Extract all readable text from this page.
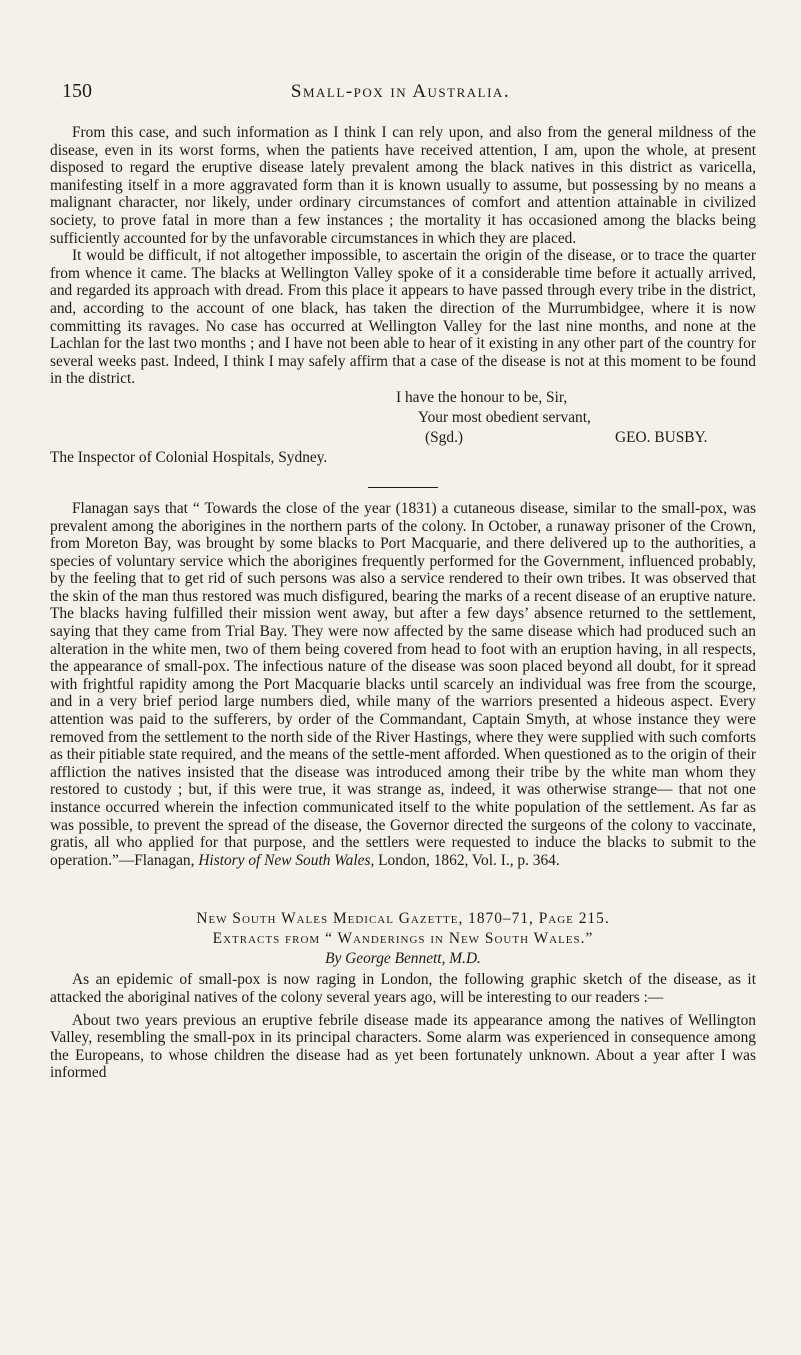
150	Small-pox in Australia.

From this case, and such information as I think I can rely upon, and also from the general mildness of the disease, even in its worst forms, when the patients have received attention, I am, upon the whole, at present disposed to regard the eruptive disease lately prevalent among the black natives in this district as varicella, manifesting itself in a more aggravated form than it is known usually to assume, but possessing by no means a malignant character, nor likely, under ordinary circumstances of comfort and attention attainable in civilized society, to prove fatal in more than a few instances ; the mortality it has occasioned among the blacks being sufficiently accounted for by the unfavorable circumstances in which they are placed.

It would be difficult, if not altogether impossible, to ascertain the origin of the disease, or to trace the quarter from whence it came. The blacks at Wellington Valley spoke of it a considerable time before it actually arrived, and regarded its approach with dread. From this place it appears to have passed through every tribe in the district, and, according to the account of one black, has taken the direction of the Murrumbidgee, where it is now committing its ravages. No case has occurred at Wellington Valley for the last nine months, and none at the Lachlan for the last two months ; and I have not been able to hear of it existing in any other part of the country for several weeks past. Indeed, I think I may safely affirm that a case of the disease is not at this moment to be found in the district.

I have the honour to be, Sir,
Your most obedient servant,
(Sgd.)	GEO. BUSBY.
The Inspector of Colonial Hospitals, Sydney.

Flanagan says that “ Towards the close of the year (1831) a cutaneous disease, similar to the small-pox, was prevalent among the aborigines in the northern parts of the colony. In October, a runaway prisoner of the Crown, from Moreton Bay, was brought by some blacks to Port Macquarie, and there delivered up to the authorities, a species of voluntary service which the aborigines frequently performed for the Government, influenced probably, by the feeling that to get rid of such persons was also a service rendered to their own tribes. It was observed that the skin of the man thus restored was much disfigured, bearing the marks of a recent disease of an eruptive nature. The blacks having fulfilled their mission went away, but after a few days’ absence returned to the settlement, saying that they came from Trial Bay. They were now affected by the same disease which had produced such an alteration in the white men, two of them being covered from head to foot with an eruption having, in all respects, the appearance of small-pox. The infectious nature of the disease was soon placed beyond all doubt, for it spread with frightful rapidity among the Port Macquarie blacks until scarcely an individual was free from the scourge, and in a very brief period large numbers died, while many of the warriors presented a hideous aspect. Every attention was paid to the sufferers, by order of the Commandant, Captain Smyth, at whose instance they were removed from the settlement to the north side of the River Hastings, where they were supplied with such comforts as their pitiable state required, and the means of the settle-ment afforded. When questioned as to the origin of their affliction the natives insisted that the disease was introduced among their tribe by the white man whom they restored to custody ; but, if this were true, it was strange as, indeed, it was otherwise strange— that not one instance occurred wherein the infection communicated itself to the white population of the settlement. As far as was possible, to prevent the spread of the disease, the Governor directed the surgeons of the colony to vaccinate, gratis, all who applied for that purpose, and the settlers were requested to induce the blacks to submit to the operation.”—Flanagan, History of New South Wales, London, 1862, Vol. I., p. 364.

New South Wales Medical Gazette, 1870–71, Page 215.
Extracts from “ Wanderings in New South Wales.”
By George Bennett, M.D.

As an epidemic of small-pox is now raging in London, the following graphic sketch of the disease, as it attacked the aboriginal natives of the colony several years ago, will be interesting to our readers :—

About two years previous an eruptive febrile disease made its appearance among the natives of Wellington Valley, resembling the small-pox in its principal characters. Some alarm was experienced in consequence among the Europeans, to whose children the disease had as yet been fortunately unknown. About a year after I was informed
